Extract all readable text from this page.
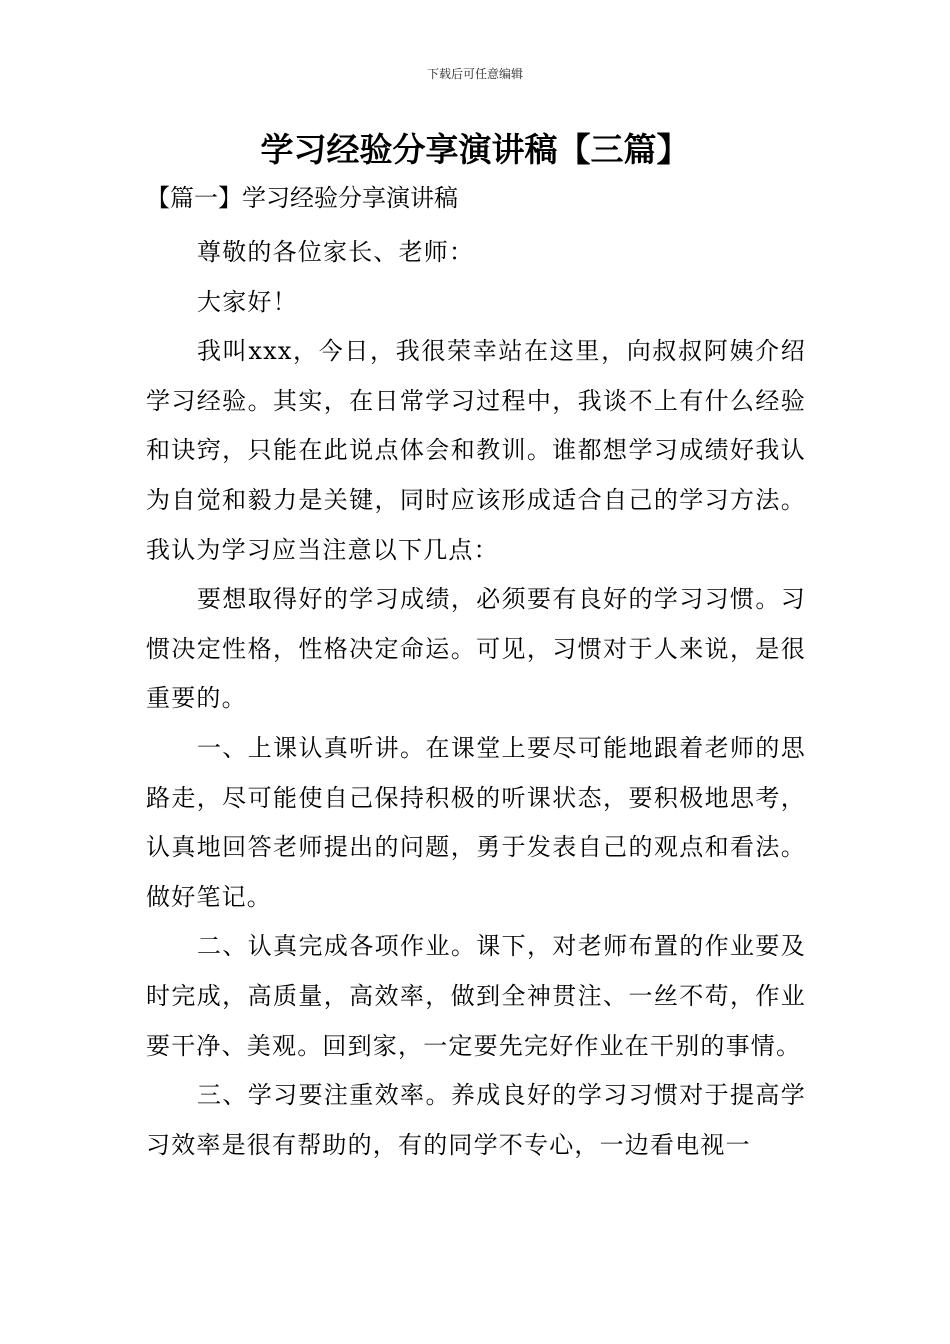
下载后可任意编辑
学习经验分享演讲稿【三篇】
【篇一】学习经验分享演讲稿

尊敬的各位家长、老师：

大家好！

我叫xxx，今日，我很荣幸站在这里，向叔叔阿姨介绍学习经验。其实，在日常学习过程中，我谈不上有什么经验和诀窍，只能在此说点体会和教训。谁都想学习成绩好我认为自觉和毅力是关键，同时应该形成适合自己的学习方法。我认为学习应当注意以下几点：

要想取得好的学习成绩，必须要有良好的学习习惯。习惯决定性格，性格决定命运。可见，习惯对于人来说，是很重要的。

一、上课认真听讲。在课堂上要尽可能地跟着老师的思路走，尽可能使自己保持积极的听课状态，要积极地思考，认真地回答老师提出的问题，勇于发表自己的观点和看法。做好笔记。

二、认真完成各项作业。课下，对老师布置的作业要及时完成，高质量，高效率，做到全神贯注、一丝不苟，作业要干净、美观。回到家，一定要先完好作业在干别的事情。

三、学习要注重效率。养成良好的学习习惯对于提高学习效率是很有帮助的，有的同学不专心，一边看电视一
